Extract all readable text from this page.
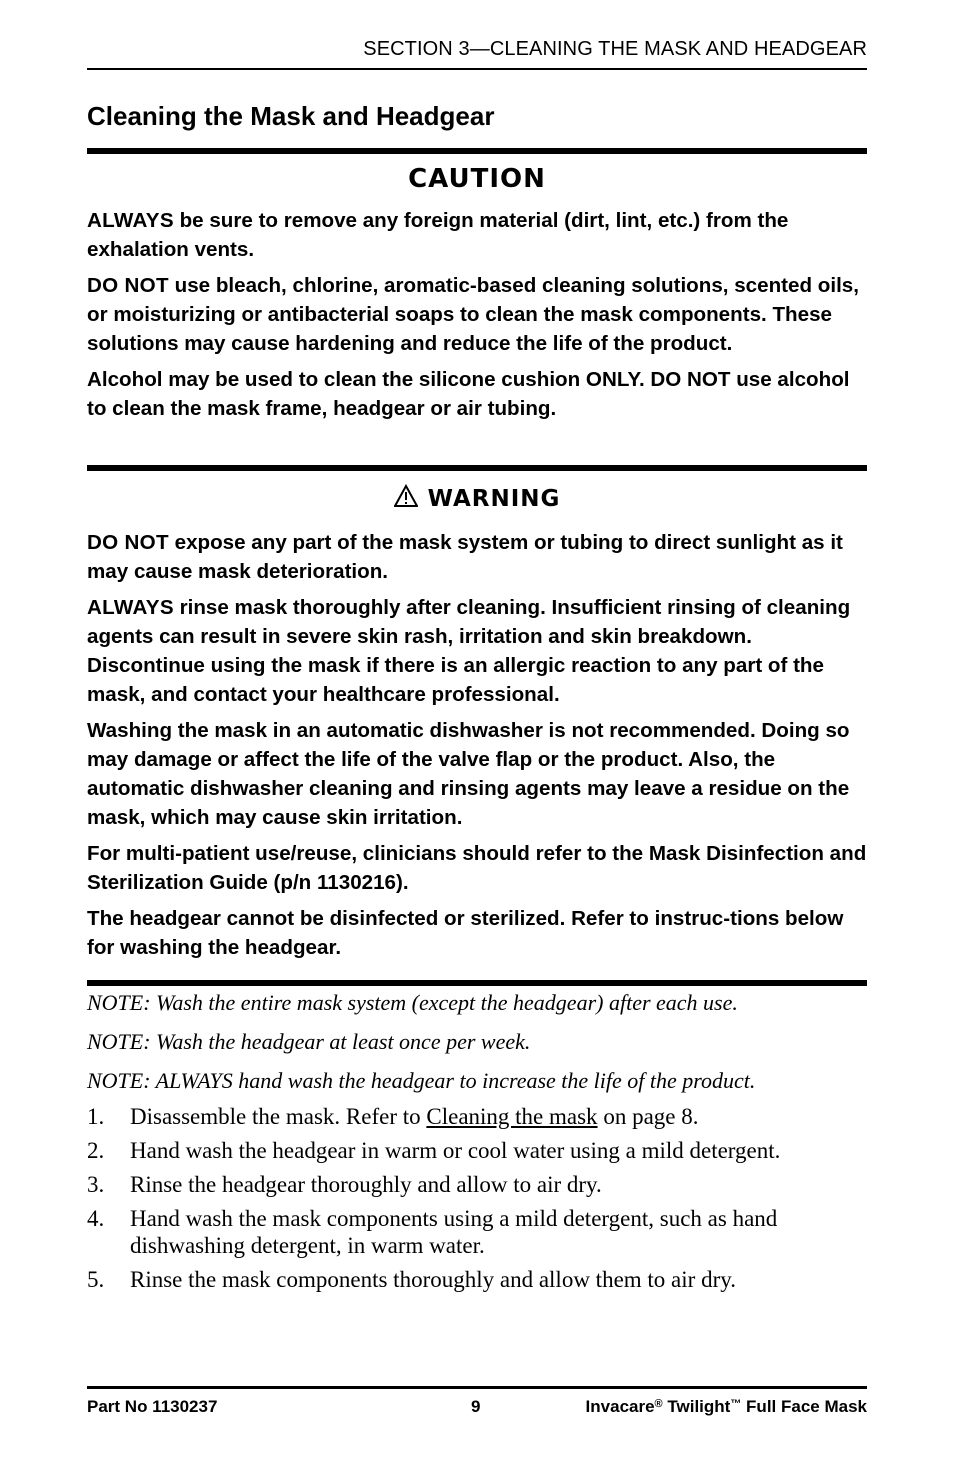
SECTION 3—CLEANING THE MASK AND HEADGEAR
Cleaning the Mask and Headgear
CAUTION

ALWAYS be sure to remove any foreign material (dirt, lint, etc.) from the exhalation vents.

DO NOT use bleach, chlorine, aromatic-based cleaning solutions, scented oils, or moisturizing or antibacterial soaps to clean the mask components. These solutions may cause hardening and reduce the life of the product.

Alcohol may be used to clean the silicone cushion ONLY. DO NOT use alcohol to clean the mask frame, headgear or air tubing.

WARNING

DO NOT expose any part of the mask system or tubing to direct sunlight as it may cause mask deterioration.

ALWAYS rinse mask thoroughly after cleaning. Insufficient rinsing of cleaning agents can result in severe skin rash, irritation and skin breakdown. Discontinue using the mask if there is an allergic reaction to any part of the mask, and contact your healthcare professional.

Washing the mask in an automatic dishwasher is not recommended. Doing so may damage or affect the life of the valve flap or the product. Also, the automatic dishwasher cleaning and rinsing agents may leave a residue on the mask, which may cause skin irritation.

For multi-patient use/reuse, clinicians should refer to the Mask Disinfection and Sterilization Guide (p/n 1130216).

The headgear cannot be disinfected or sterilized. Refer to instruc-tions below for washing the headgear.

NOTE: Wash the entire mask system (except the headgear) after each use.

NOTE: Wash the headgear at least once per week.

NOTE: ALWAYS hand wash the headgear to increase the life of the product.

1. Disassemble the mask. Refer to Cleaning the mask on page 8.
2. Hand wash the headgear in warm or cool water using a mild detergent.
3. Rinse the headgear thoroughly and allow to air dry.
4. Hand wash the mask components using a mild detergent, such as hand dishwashing detergent, in warm water.
5. Rinse the mask components thoroughly and allow them to air dry.
Part No 1130237	9	Invacare® Twilight™ Full Face Mask
